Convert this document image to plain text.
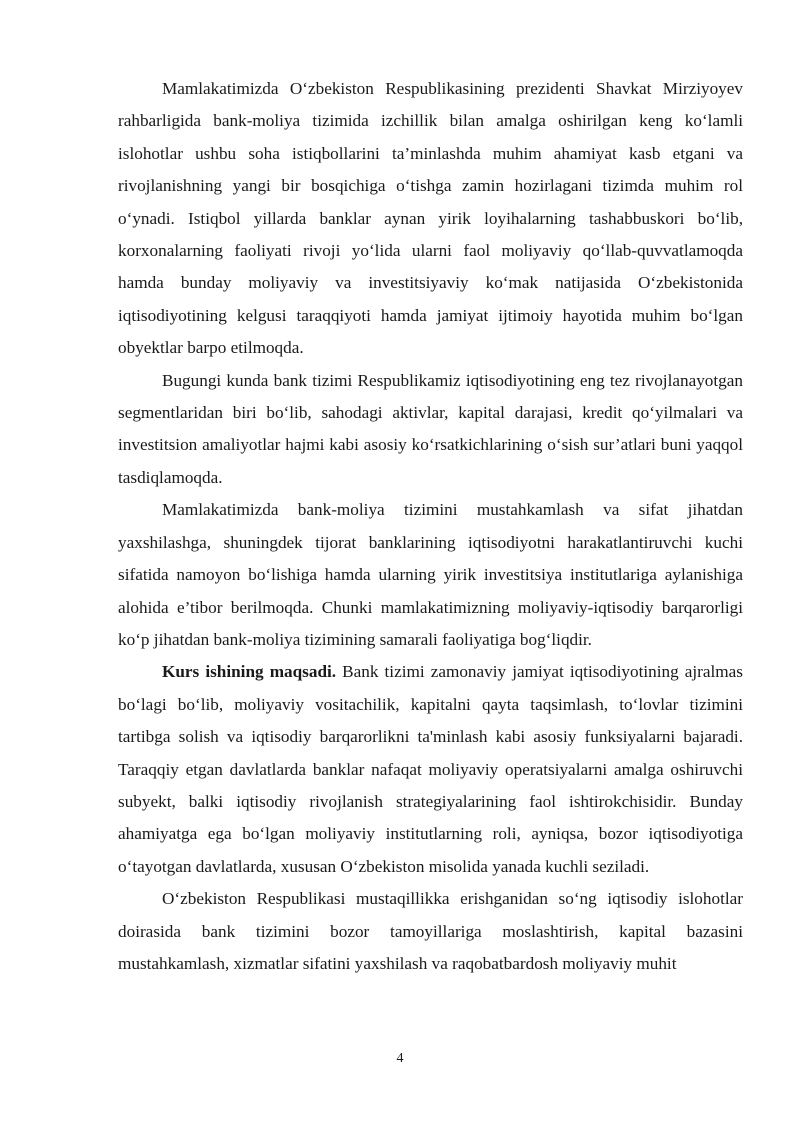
Mamlakatimizda O‘zbekiston Respublikasining prezidenti Shavkat Mirziyoyev rahbarligida bank-moliya tizimida izchillik bilan amalga oshirilgan keng ko‘lamli islohotlar ushbu soha istiqbollarini ta’minlashda muhim ahamiyat kasb etgani va rivojlanishning yangi bir bosqichiga o‘tishga zamin hozirlagani tizimda muhim rol o‘ynadi. Istiqbol yillarda banklar aynan yirik loyihalarning tashabbuskori bo‘lib, korxonalarning faoliyati rivoji yo‘lida ularni faol moliyaviy qo‘llab-quvvatlamoqda hamda bunday moliyaviy va investitsiyaviy ko‘mak natijasida O‘zbekistonida iqtisodiyotining kelgusi taraqqiyoti hamda jamiyat ijtimoiy hayotida muhim bo‘lgan obyektlar barpo etilmoqda.

Bugungi kunda bank tizimi Respublikamiz iqtisodiyotining eng tez rivojlanayotgan segmentlaridan biri bo‘lib, sahodagi aktivlar, kapital darajasi, kredit qo‘yilmalari va investitsion amaliyotlar hajmi kabi asosiy ko‘rsatkichlarining o‘sish sur’atlari buni yaqqol tasdiqlamoqda.

Mamlakatimizda bank-moliya tizimini mustahkamlash va sifat jihatdan yaxshilashga, shuningdek tijorat banklarining iqtisodiyotni harakatlantiruvchi kuchi sifatida namoyon bo‘lishiga hamda ularning yirik investitsiya institutlariga aylanishiga alohida e’tibor berilmoqda. Chunki mamlakatimizning moliyaviy-iqtisodiy barqarorligi ko‘p jihatdan bank-moliya tizimining samarali faoliyatiga bog‘liqdir.

Kurs ishining maqsadi. Bank tizimi zamonaviy jamiyat iqtisodiyotining ajralmas bo‘lagi bo‘lib, moliyaviy vositachilik, kapitalni qayta taqsimlash, to‘lovlar tizimini tartibga solish va iqtisodiy barqarorlikni ta'minlash kabi asosiy funksiyalarni bajaradi. Taraqqiy etgan davlatlarda banklar nafaqat moliyaviy operatsiyalarni amalga oshiruvchi subyekt, balki iqtisodiy rivojlanish strategiyalarining faol ishtirokchisidir. Bunday ahamiyatga ega bo‘lgan moliyaviy institutlarning roli, ayniqsa, bozor iqtisodiyotiga o‘tayotgan davlatlarda, xususan O‘zbekiston misolida yanada kuchli seziladi.

O‘zbekiston Respublikasi mustaqillikka erishganidan so‘ng iqtisodiy islohotlar doirasida bank tizimini bozor tamoyillariga moslashtirish, kapital bazasini mustahkamlash, xizmatlar sifatini yaxshilash va raqobatbardosh moliyaviy muhit

4
